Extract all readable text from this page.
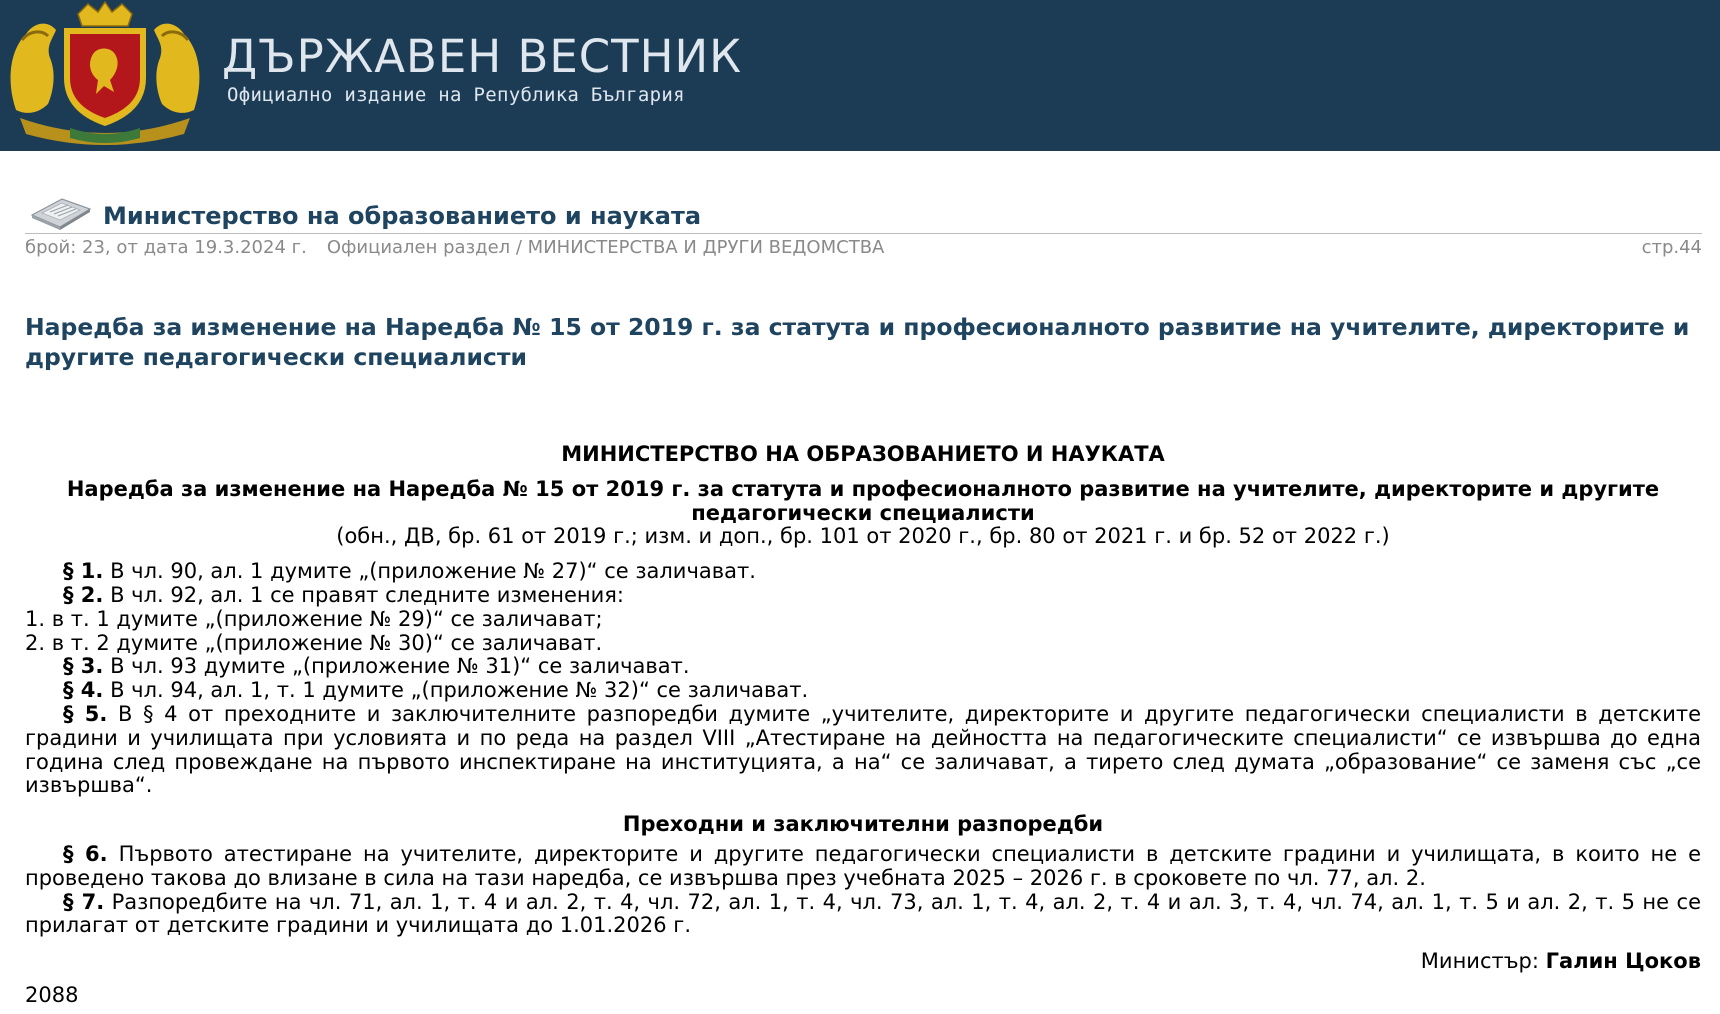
ДЪРЖАВЕН ВЕСТНИК
Официално издание на Република България
Министерство на образованието и науката
брой: 23, от дата 19.3.2024 г. Официален раздел / МИНИСТЕРСТВА И ДРУГИ ВЕДОМСТВА	стр.44
Наредба за изменение на Наредба № 15 от 2019 г. за статута и професионалното развитие на учителите, директорите и другите педагогически специалисти

МИНИСТЕРСТВО НА ОБРАЗОВАНИЕТО И НАУКАТА

Наредба за изменение на Наредба № 15 от 2019 г. за статута и професионалното развитие на учителите, директорите и другите педагогически специалисти

(обн., ДВ, бр. 61 от 2019 г.; изм. и доп., бр. 101 от 2020 г., бр. 80 от 2021 г. и бр. 52 от 2022 г.)

§ 1. В чл. 90, ал. 1 думите „(приложение № 27)“ се заличават.

§ 2. В чл. 92, ал. 1 се правят следните изменения:

1. в т. 1 думите „(приложение № 29)“ се заличават;

2. в т. 2 думите „(приложение № 30)“ се заличават.

§ 3. В чл. 93 думите „(приложение № 31)“ се заличават.

§ 4. В чл. 94, ал. 1, т. 1 думите „(приложение № 32)“ се заличават.

§ 5. В § 4 от преходните и заключителните разпоредби думите „учителите, директорите и другите педагогически специалисти в детските градини и училищата при условията и по реда на раздел VIII „Атестиране на дейността на педагогическите специалисти“ се извършва до една година след провеждане на първото инспектиране на институцията, а на“ се заличават, а тирето след думата „образование“ се заменя със „се извършва“.

Преходни и заключителни разпоредби

§ 6. Първото атестиране на учителите, директорите и другите педагогически специалисти в детските градини и училищата, в които не е проведено такова до влизане в сила на тази наредба, се извършва през учебната 2025 – 2026 г. в сроковете по чл. 77, ал. 2.

§ 7. Разпоредбите на чл. 71, ал. 1, т. 4 и ал. 2, т. 4, чл. 72, ал. 1, т. 4, чл. 73, ал. 1, т. 4, ал. 2, т. 4 и ал. 3, т. 4, чл. 74, ал. 1, т. 5 и ал. 2, т. 5 не се прилагат от детските градини и училищата до 1.01.2026 г.

Министър: Галин Цоков

2088
